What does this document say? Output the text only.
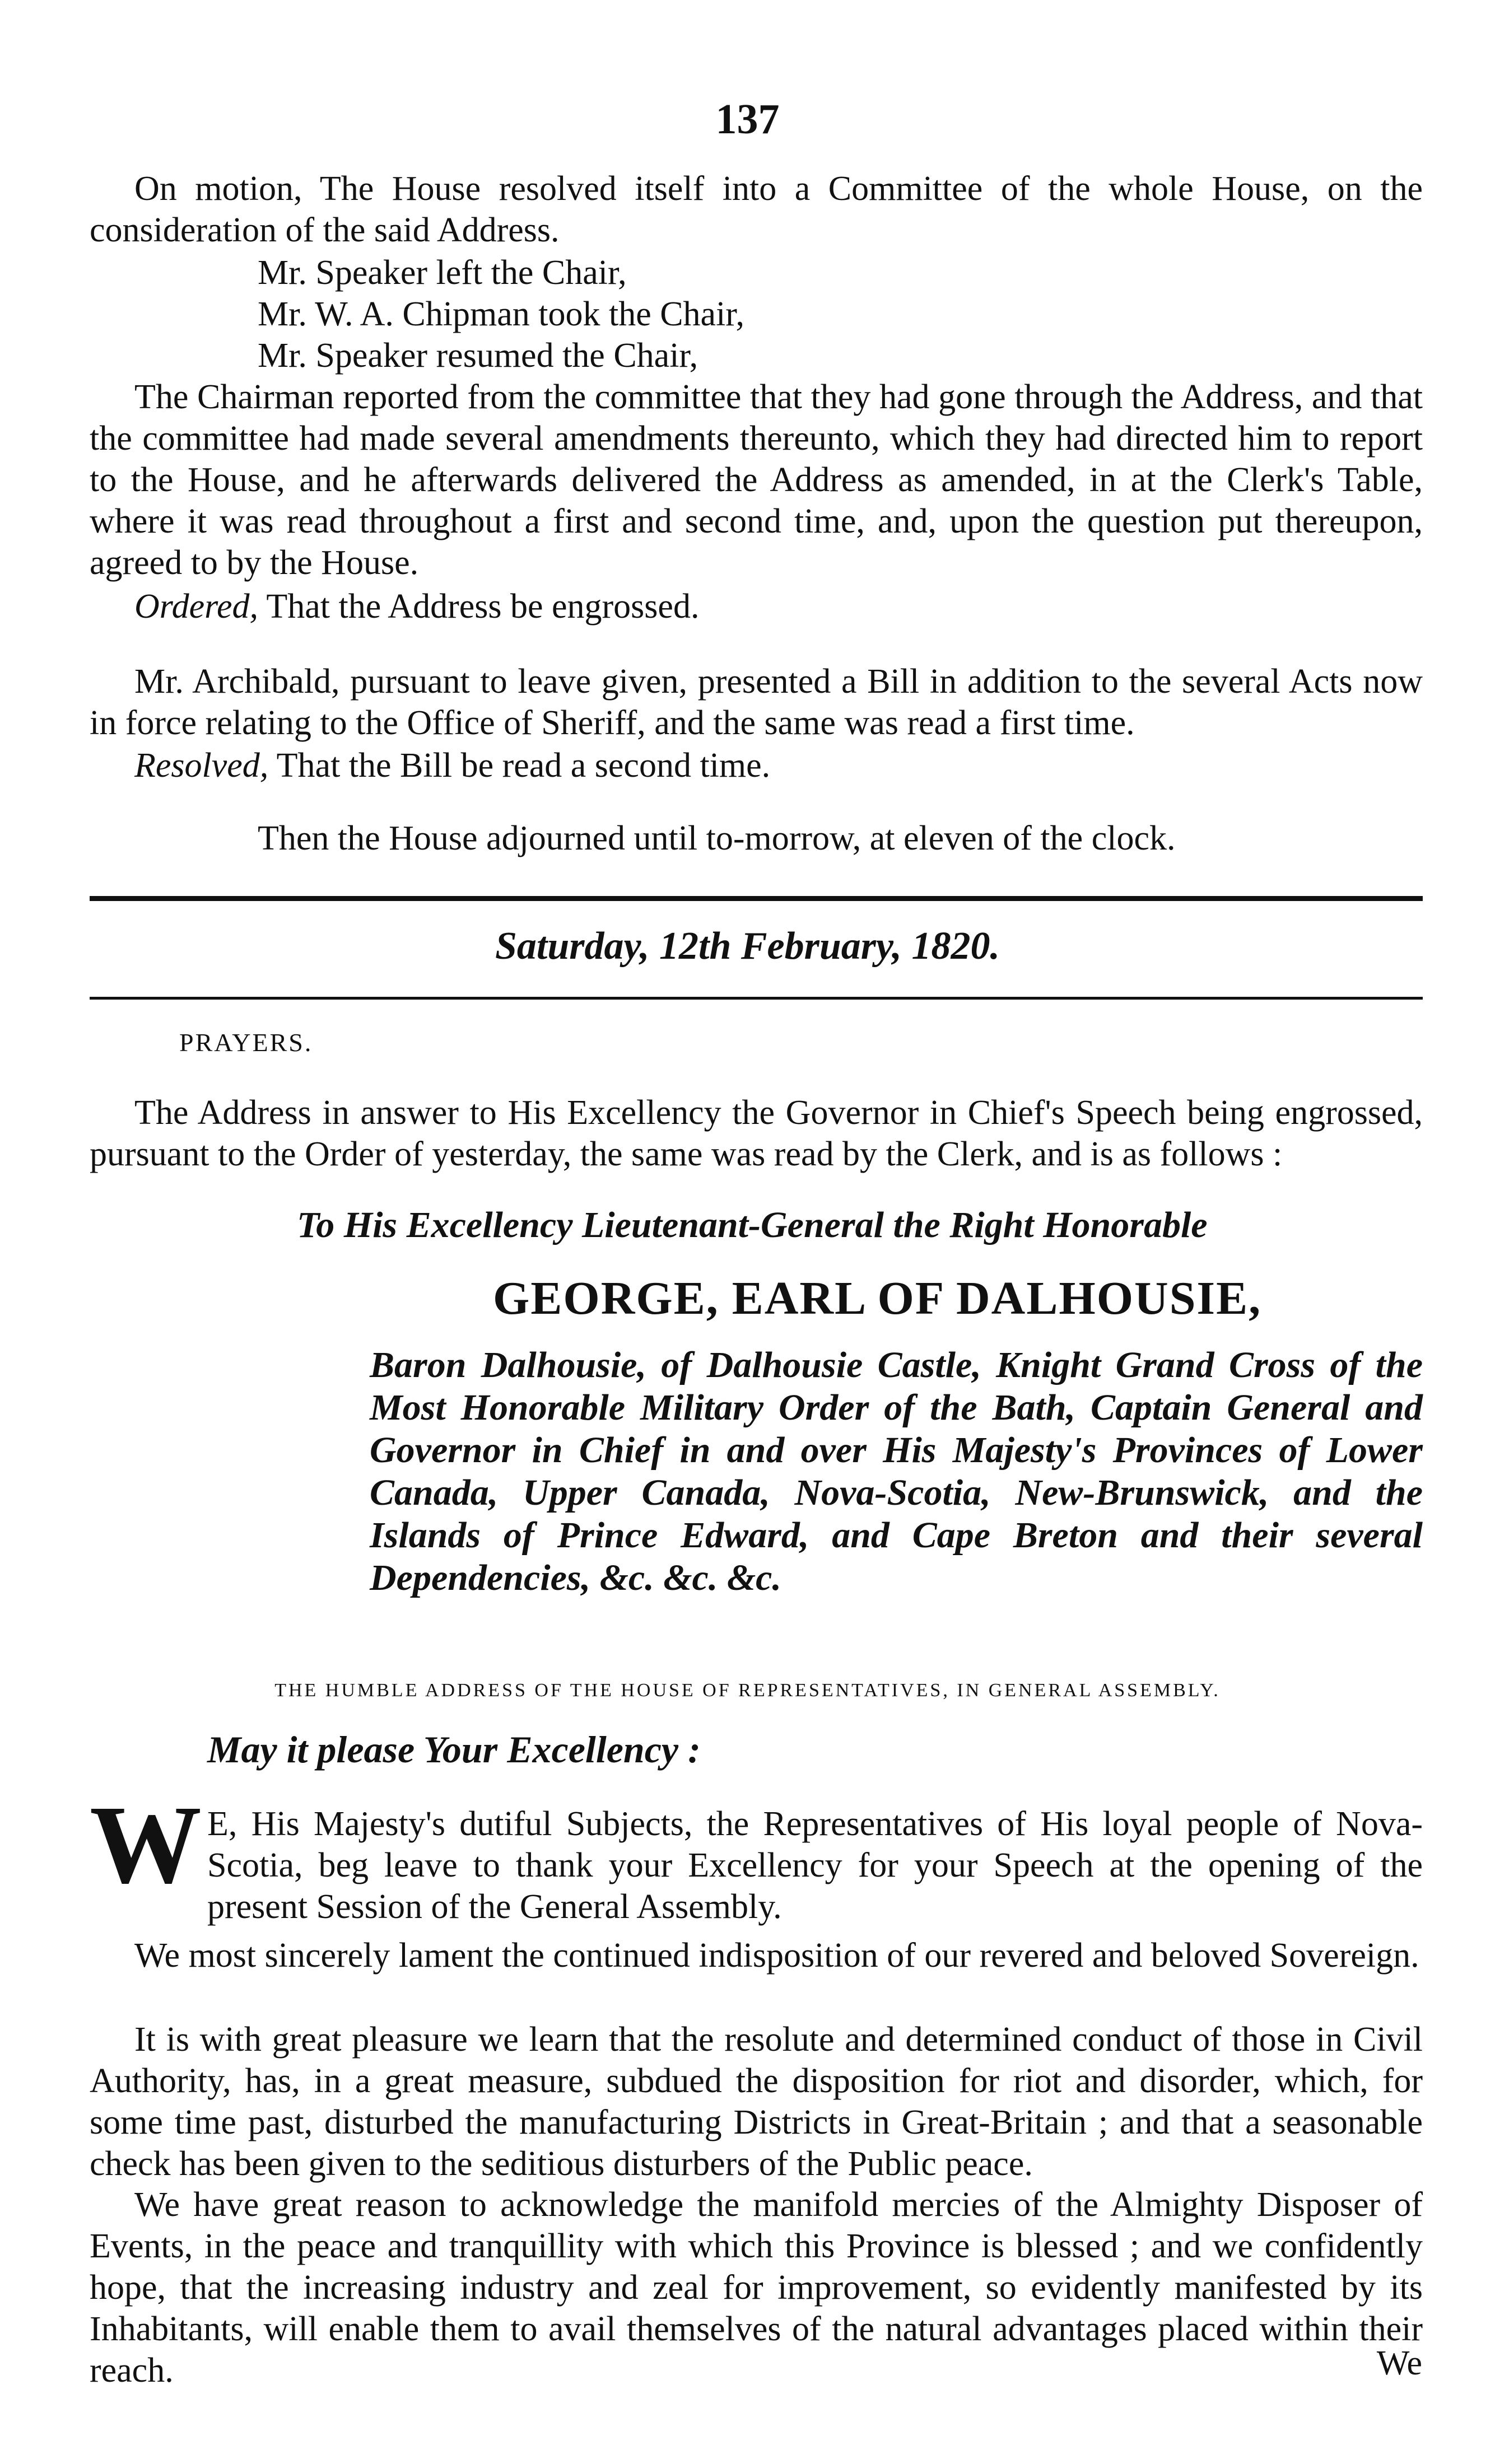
137

On motion, The House resolved itself into a Committee of the whole House, on the consideration of the said Address.

Mr. Speaker left the Chair,

Mr. W. A. Chipman took the Chair,

Mr. Speaker resumed the Chair,

The Chairman reported from the committee that they had gone through the Address, and that the committee had made several amendments thereunto, which they had directed him to report to the House, and he afterwards delivered the Address as amended, in at the Clerk's Table, where it was read throughout a first and second time, and, upon the question put thereupon, agreed to by the House.

Ordered, That the Address be engrossed.

Mr. Archibald, pursuant to leave given, presented a Bill in addition to the several Acts now in force relating to the Office of Sheriff, and the same was read a first time.

Resolved, That the Bill be read a second time.

Then the House adjourned until to-morrow, at eleven of the clock.

Saturday, 12th February, 1820.

PRAYERS.

The Address in answer to His Excellency the Governor in Chief's Speech being engrossed, pursuant to the Order of yesterday, the same was read by the Clerk, and is as follows :

To His Excellency Lieutenant-General the Right Honorable

GEORGE, EARL OF DALHOUSIE,

Baron Dalhousie, of Dalhousie Castle, Knight Grand Cross of the Most Honorable Military Order of the Bath, Captain General and Governor in Chief in and over His Majesty's Provinces of Lower Canada, Upper Canada, Nova-Scotia, New-Brunswick, and the Islands of Prince Edward, and Cape Breton and their several Dependencies, &c. &c. &c.

THE HUMBLE ADDRESS OF THE HOUSE OF REPRESENTATIVES, IN GENERAL ASSEMBLY.

May it please Your Excellency :

W E, His Majesty's dutiful Subjects, the Representatives of His loyal people of Nova-Scotia, beg leave to thank your Excellency for your Speech at the opening of the present Session of the General Assembly.

We most sincerely lament the continued indisposition of our revered and beloved Sovereign.

It is with great pleasure we learn that the resolute and determined conduct of those in Civil Authority, has, in a great measure, subdued the disposition for riot and disorder, which, for some time past, disturbed the manufacturing Districts in Great-Britain ; and that a seasonable check has been given to the seditious disturbers of the Public peace.

We have great reason to acknowledge the manifold mercies of the Almighty Disposer of Events, in the peace and tranquillity with which this Province is blessed ; and we confidently hope, that the increasing industry and zeal for improvement, so evidently manifested by its Inhabitants, will enable them to avail themselves of the natural advantages placed within their reach.	We
